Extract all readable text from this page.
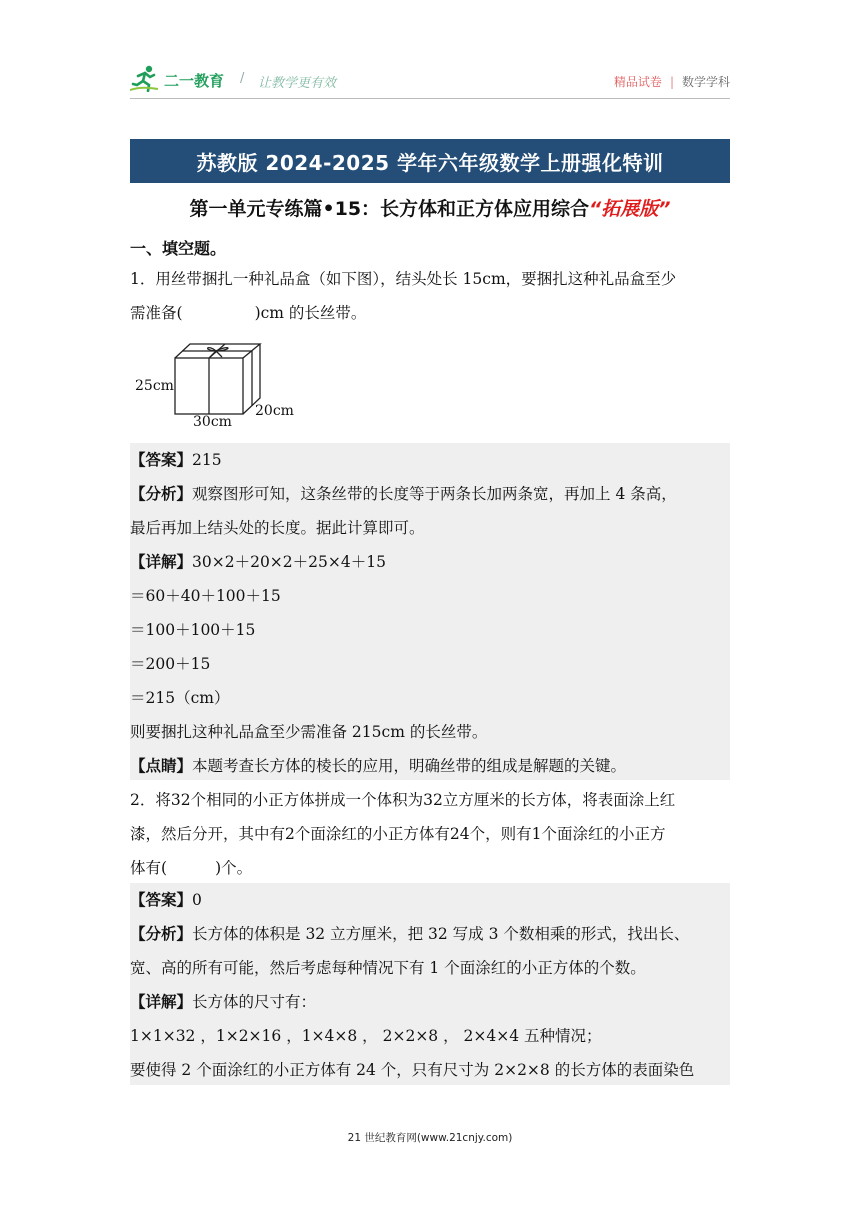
二一教育 / 让教学更有效	精品试卷 | 数学学科
苏教版 2024-2025 学年六年级数学上册强化特训
第一单元专练篇•15：长方体和正方体应用综合“拓展版”
一、填空题。
1．用丝带捆扎一种礼品盒（如下图），结头处长 15cm，要捆扎这种礼品盒至少
需准备(	)cm 的长丝带。
25cm
30cm
20cm
【答案】215
【分析】观察图形可知，这条丝带的长度等于两条长加两条宽，再加上 4 条高，
最后再加上结头处的长度。据此计算即可。
【详解】30×2＋20×2＋25×4＋15
＝60＋40＋100＋15
＝100＋100＋15
＝200＋15
＝215（cm）
则要捆扎这种礼品盒至少需准备 215cm 的长丝带。
【点睛】本题考查长方体的棱长的应用，明确丝带的组成是解题的关键。
2．将32个相同的小正方体拼成一个体积为32立方厘米的长方体，将表面涂上红
漆，然后分开，其中有2个面涂红的小正方体有24个，则有1个面涂红的小正方
体有(	)个。
【答案】0
【分析】长方体的体积是 32 立方厘米，把 32 写成 3 个数相乘的形式，找出长、
宽、高的所有可能，然后考虑每种情况下有 1 个面涂红的小正方体的个数。
【详解】长方体的尺寸有：
1×1×32 ，1×2×16 ，1×4×8 ， 2×2×8 ， 2×4×4 五种情况；
要使得 2 个面涂红的小正方体有 24 个，只有尺寸为 2×2×8 的长方体的表面染色
21 世纪教育网(www.21cnjy.com)
